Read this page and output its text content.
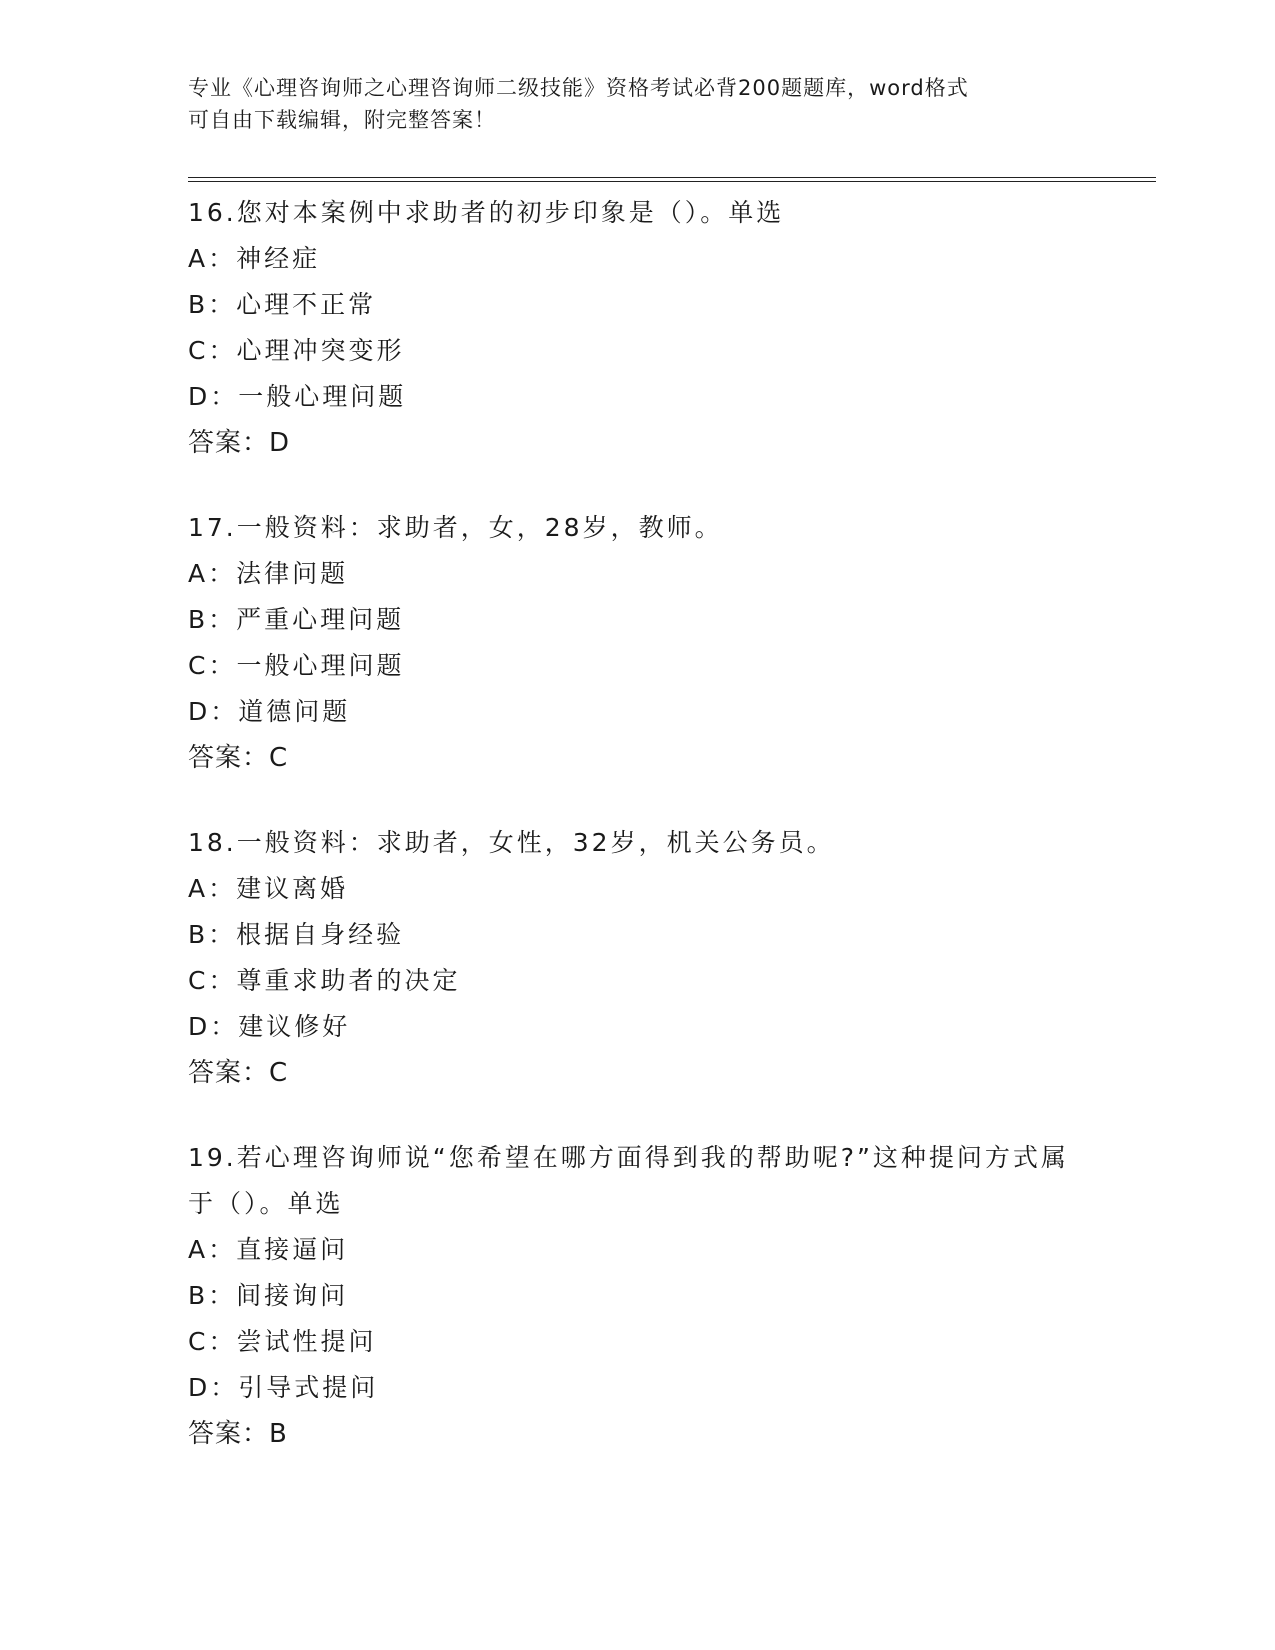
专业《心理咨询师之心理咨询师二级技能》资格考试必背200题题库，word格式

可自由下载编辑，附完整答案！

16.您对本案例中求助者的初步印象是（）。单选

A：神经症

B：心理不正常

C：心理冲突变形

D：一般心理问题

答案：D

17.一般资料：求助者，女，28岁，教师。

A：法律问题

B：严重心理问题

C：一般心理问题

D：道德问题

答案：C

18.一般资料：求助者，女性，32岁，机关公务员。

A：建议离婚

B：根据自身经验

C：尊重求助者的决定

D：建议修好

答案：C

19.若心理咨询师说“您希望在哪方面得到我的帮助呢?”这种提问方式属于（）。单选

A：直接逼问

B：间接询问

C：尝试性提问

D：引导式提问

答案：B
